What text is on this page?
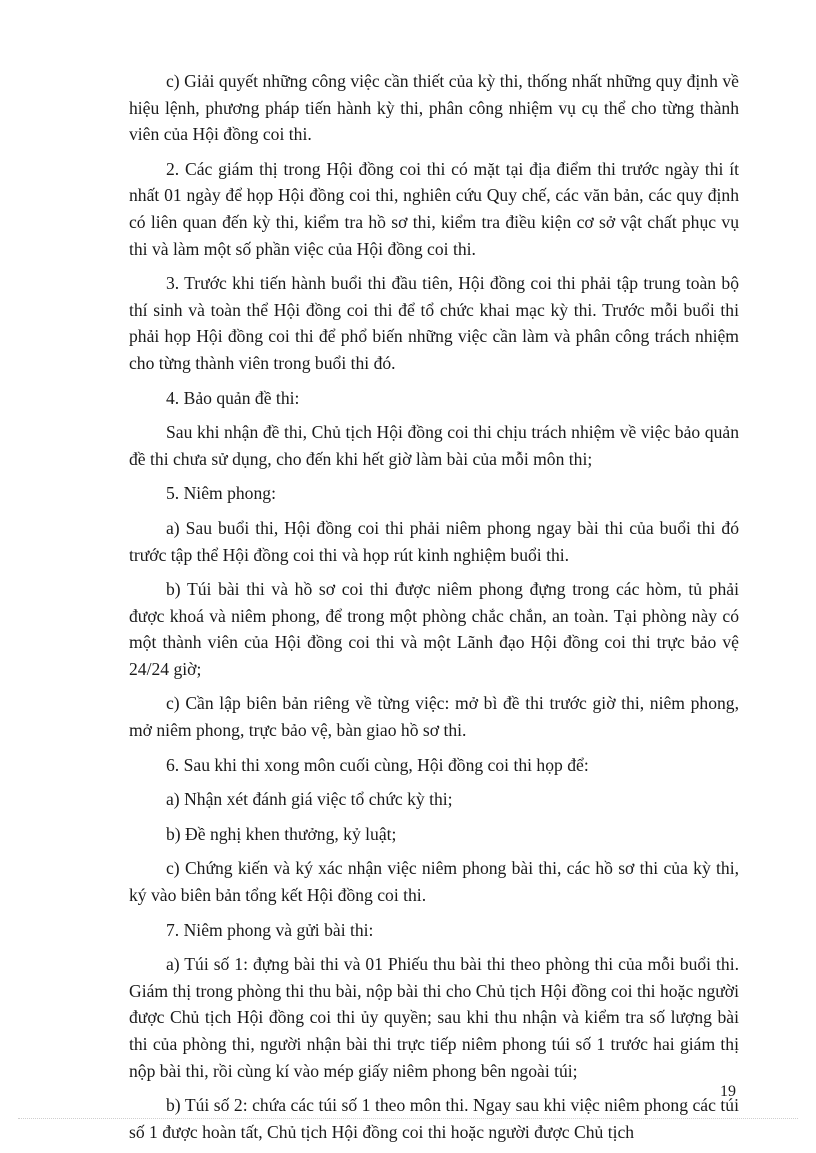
c) Giải quyết những công việc cần thiết của kỳ thi, thống nhất những quy định về hiệu lệnh, phương pháp tiến hành kỳ thi, phân công nhiệm vụ cụ thể cho từng thành viên của Hội đồng coi thi.

2. Các giám thị trong Hội đồng coi thi có mặt tại địa điểm thi trước ngày thi ít nhất 01 ngày để họp Hội đồng coi thi, nghiên cứu Quy chế, các văn bản, các quy định có liên quan đến kỳ thi, kiểm tra hồ sơ thi, kiểm tra điều kiện cơ sở vật chất phục vụ thi và làm một số phần việc của Hội đồng coi thi.

3. Trước khi tiến hành buổi thi đầu tiên, Hội đồng coi thi phải tập trung toàn bộ thí sinh và toàn thể Hội đồng coi thi để tổ chức khai mạc kỳ thi. Trước mỗi buổi thi phải họp Hội đồng coi thi để phổ biến những việc cần làm và phân công trách nhiệm cho từng thành viên trong buổi thi đó.

4. Bảo quản đề thi:

Sau khi nhận đề thi, Chủ tịch Hội đồng coi thi chịu trách nhiệm về việc bảo quản đề thi chưa sử dụng, cho đến khi hết giờ làm bài của mỗi môn thi;

5. Niêm phong:

a) Sau buổi thi, Hội đồng coi thi phải niêm phong ngay bài thi của buổi thi đó trước tập thể Hội đồng coi thi và họp rút kinh nghiệm buổi thi.

b) Túi bài thi và hồ sơ coi thi được niêm phong đựng trong các hòm, tủ phải được khoá và niêm phong, để trong một phòng chắc chắn, an toàn. Tại phòng này có một thành viên của Hội đồng coi thi và một Lãnh đạo Hội đồng coi thi trực bảo vệ 24/24 giờ;

c) Cần lập biên bản riêng về từng việc: mở bì đề thi trước giờ thi, niêm phong, mở niêm phong, trực bảo vệ, bàn giao hồ sơ thi.

6. Sau khi thi xong môn cuối cùng, Hội đồng coi thi họp để:

a) Nhận xét đánh giá việc tổ chức kỳ thi;

b) Đề nghị khen thưởng, kỷ luật;

c) Chứng kiến và ký xác nhận việc niêm phong bài thi, các hồ sơ thi của kỳ thi, ký vào biên bản tổng kết Hội đồng coi thi.

7. Niêm phong và gửi bài thi:

a) Túi số 1: đựng bài thi và 01 Phiếu thu bài thi theo phòng thi của mỗi buổi thi. Giám thị trong phòng thi thu bài, nộp bài thi cho Chủ tịch Hội đồng coi thi hoặc người được Chủ tịch Hội đồng coi thi ủy quyền; sau khi thu nhận và kiểm tra số lượng bài thi của phòng thi, người nhận bài thi trực tiếp niêm phong túi số 1 trước hai giám thị nộp bài thi, rồi cùng kí vào mép giấy niêm phong bên ngoài túi;

b) Túi số 2: chứa các túi số 1 theo môn thi. Ngay sau khi việc niêm phong các túi số 1 được hoàn tất, Chủ tịch Hội đồng coi thi hoặc người được Chủ tịch

19
